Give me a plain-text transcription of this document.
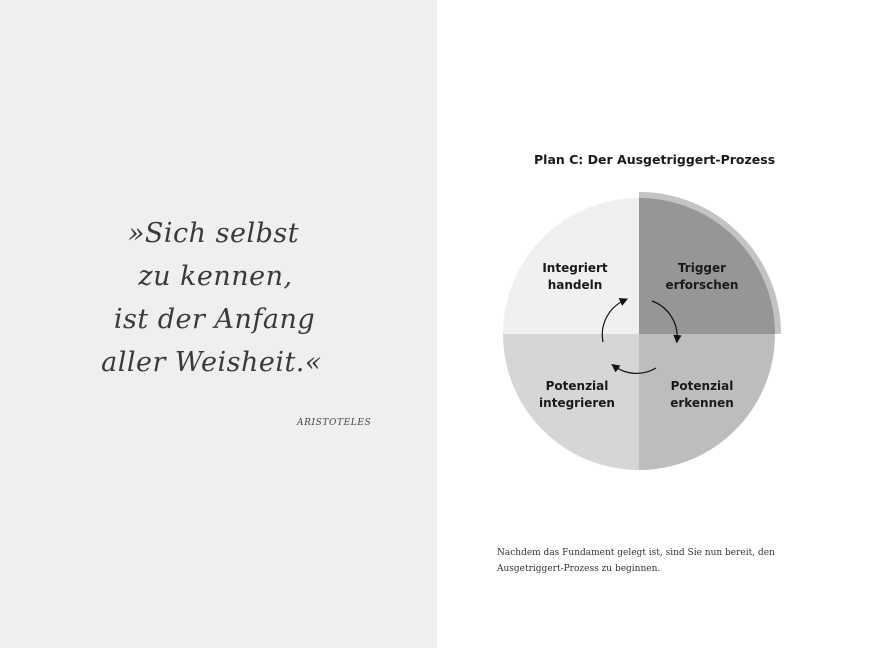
»Sich selbst
zu kennen,
ist der Anfang
aller Weisheit.«
ARISTOTELES
Plan C: Der Ausgetriggert-Prozess
Integriert
handeln
Trigger
erforschen
Potenzial
erkennen
Potenzial
integrieren
Nachdem das Fundament gelegt ist, sind Sie nun bereit, den Ausgetriggert-Prozess zu beginnen.
